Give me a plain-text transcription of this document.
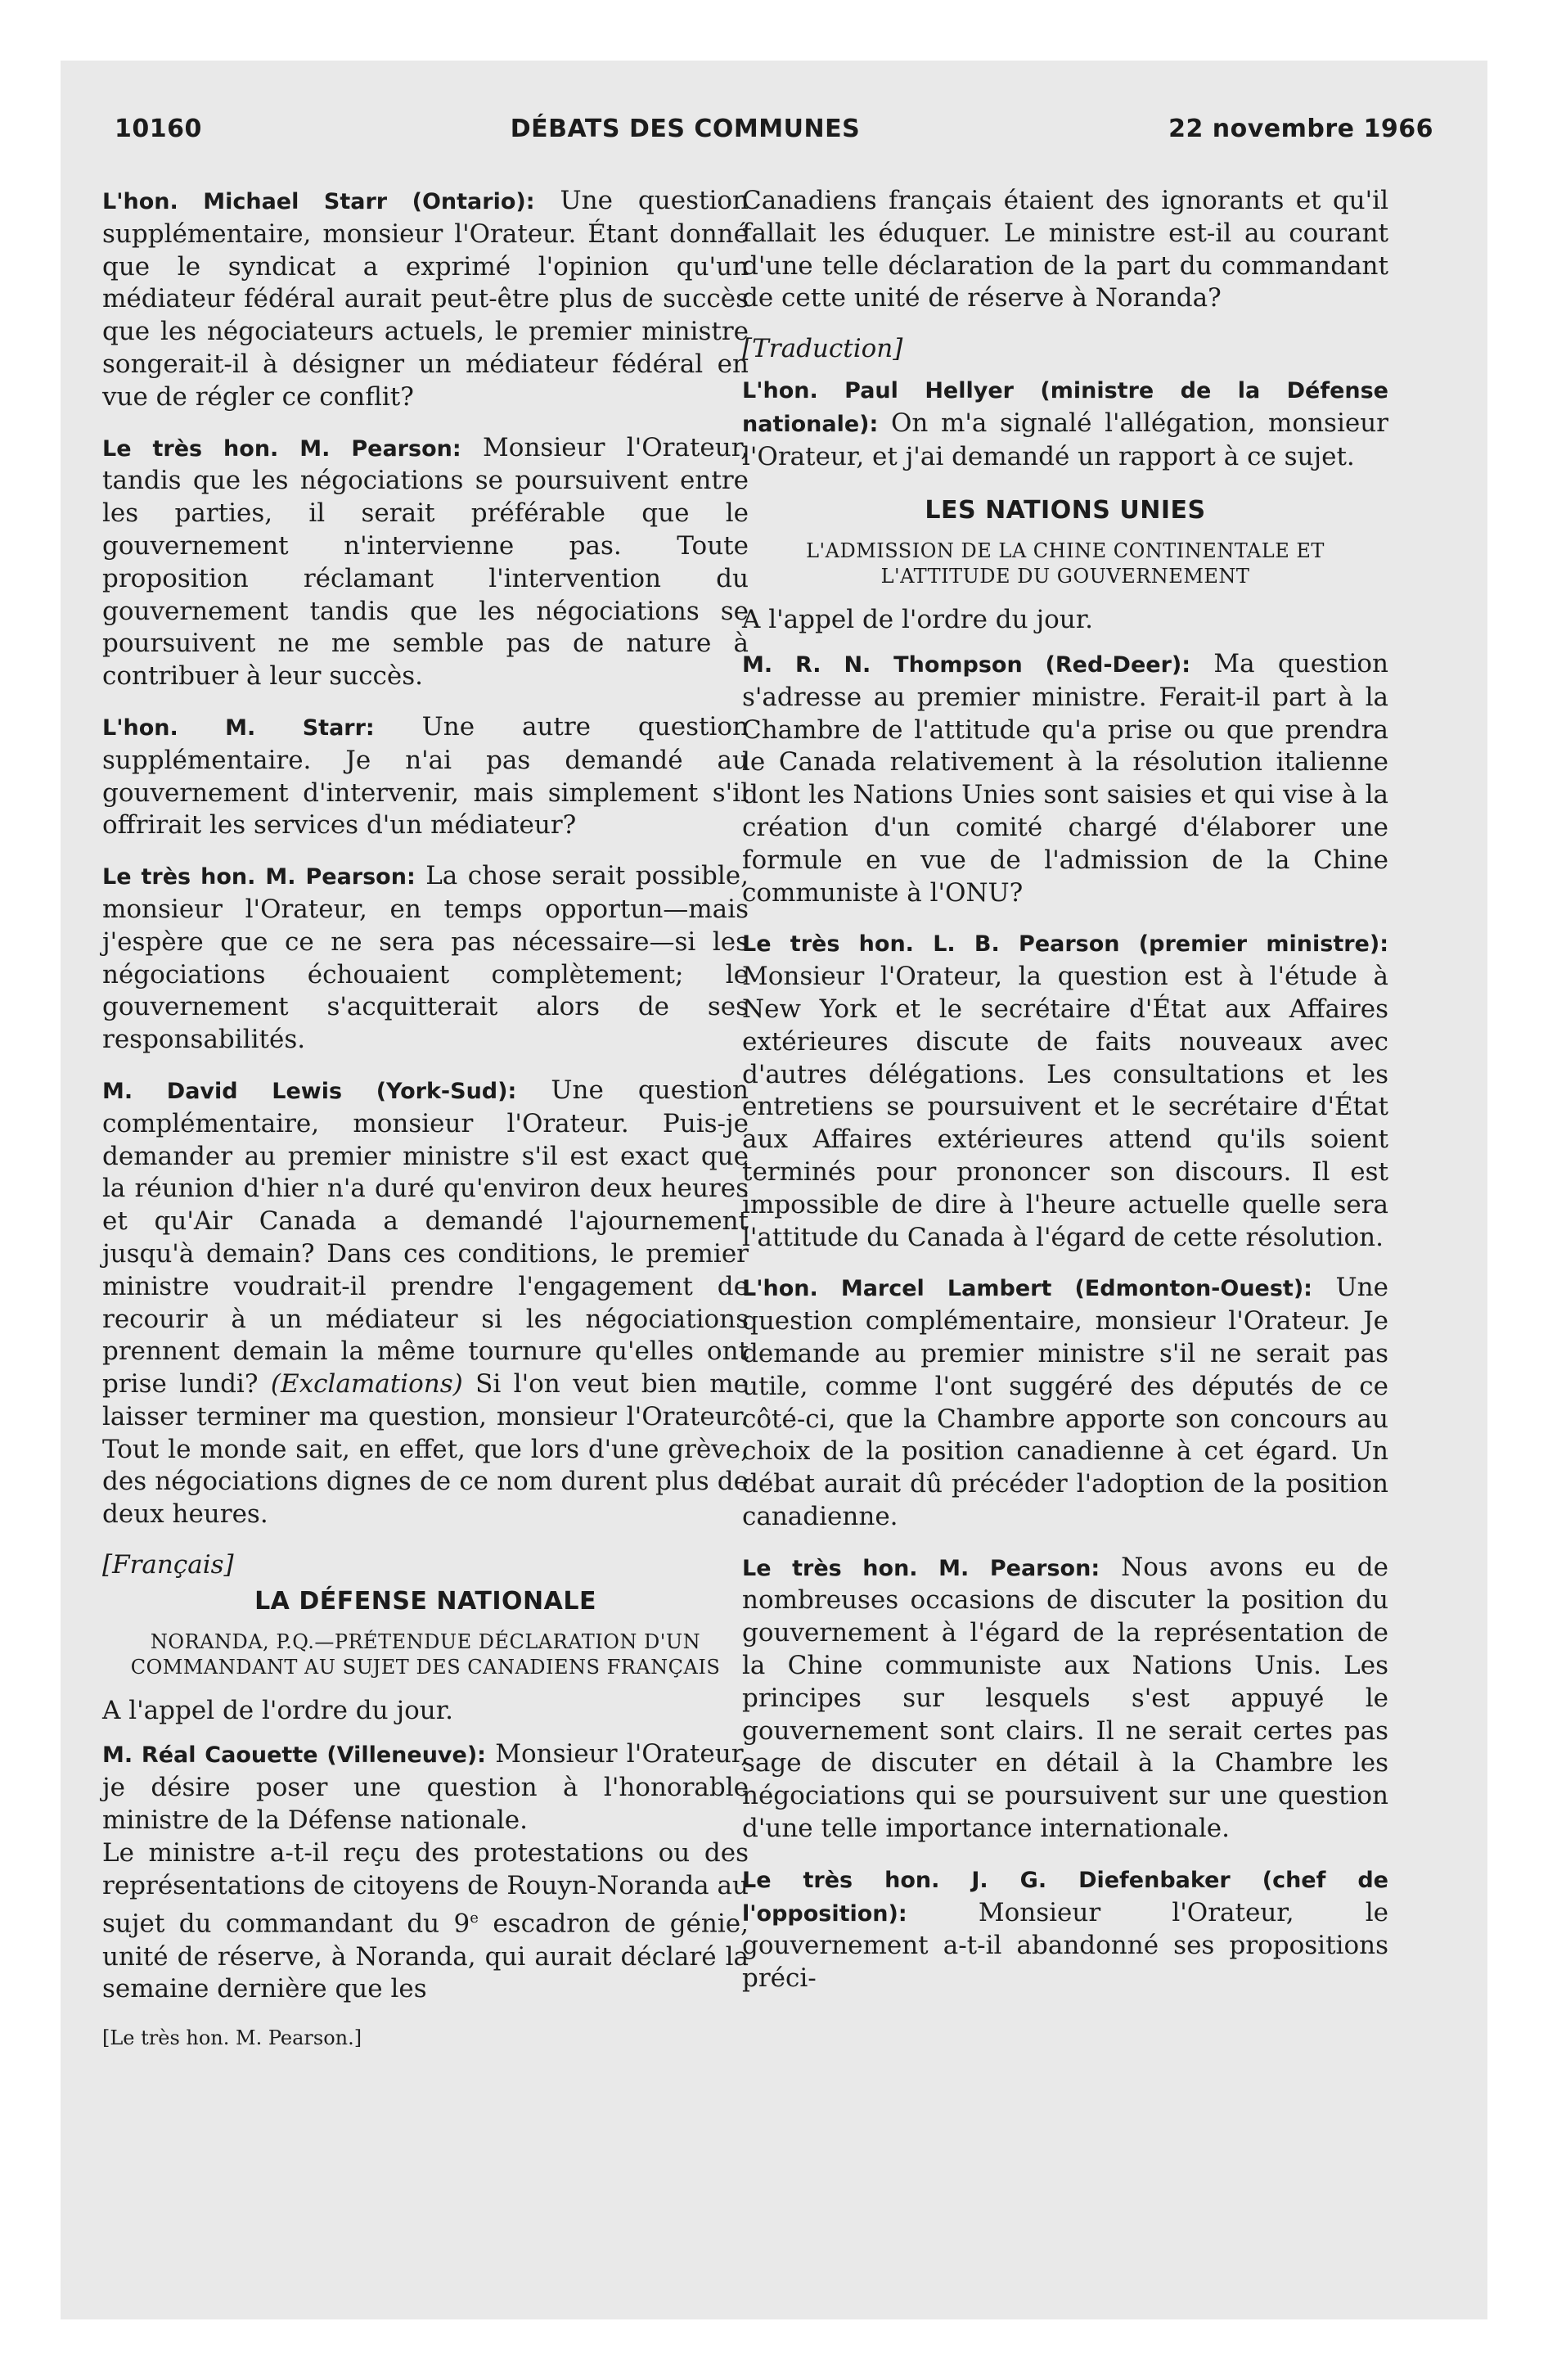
10160	DÉBATS DES COMMUNES	22 novembre 1966

L'hon. Michael Starr (Ontario): Une question supplémentaire, monsieur l'Orateur. Étant donné que le syndicat a exprimé l'opinion qu'un médiateur fédéral aurait peut-être plus de succès que les négociateurs actuels, le premier ministre songerait-il à désigner un médiateur fédéral en vue de régler ce conflit?

Le très hon. M. Pearson: Monsieur l'Orateur, tandis que les négociations se poursuivent entre les parties, il serait préférable que le gouvernement n'intervienne pas. Toute proposition réclamant l'intervention du gouvernement tandis que les négociations se poursuivent ne me semble pas de nature à contribuer à leur succès.

L'hon. M. Starr: Une autre question supplémentaire. Je n'ai pas demandé au gouvernement d'intervenir, mais simplement s'il offrirait les services d'un médiateur?

Le très hon. M. Pearson: La chose serait possible, monsieur l'Orateur, en temps opportun—mais j'espère que ce ne sera pas nécessaire—si les négociations échouaient complètement; le gouvernement s'acquitterait alors de ses responsabilités.

M. David Lewis (York-Sud): Une question complémentaire, monsieur l'Orateur. Puis-je demander au premier ministre s'il est exact que la réunion d'hier n'a duré qu'environ deux heures et qu'Air Canada a demandé l'ajournement jusqu'à demain? Dans ces conditions, le premier ministre voudrait-il prendre l'engagement de recourir à un médiateur si les négociations prennent demain la même tournure qu'elles ont prise lundi? (Exclamations) Si l'on veut bien me laisser terminer ma question, monsieur l'Orateur. Tout le monde sait, en effet, que lors d'une grève, des négociations dignes de ce nom durent plus de deux heures.

[Français]

LA DÉFENSE NATIONALE
NORANDA, P.Q.—PRÉTENDUE DÉCLARATION D'UN COMMANDANT AU SUJET DES CANADIENS FRANÇAIS

A l'appel de l'ordre du jour.

M. Réal Caouette (Villeneuve): Monsieur l'Orateur, je désire poser une question à l'honorable ministre de la Défense nationale.

Le ministre a-t-il reçu des protestations ou des représentations de citoyens de Rouyn-Noranda au sujet du commandant du 9e escadron de génie, unité de réserve, à Noranda, qui aurait déclaré la semaine dernière que les

[Le très hon. M. Pearson.]

Canadiens français étaient des ignorants et qu'il fallait les éduquer. Le ministre est-il au courant d'une telle déclaration de la part du commandant de cette unité de réserve à Noranda?

[Traduction]

L'hon. Paul Hellyer (ministre de la Défense nationale): On m'a signalé l'allégation, monsieur l'Orateur, et j'ai demandé un rapport à ce sujet.

LES NATIONS UNIES
L'ADMISSION DE LA CHINE CONTINENTALE ET L'ATTITUDE DU GOUVERNEMENT

A l'appel de l'ordre du jour.

M. R. N. Thompson (Red-Deer): Ma question s'adresse au premier ministre. Ferait-il part à la Chambre de l'attitude qu'a prise ou que prendra le Canada relativement à la résolution italienne dont les Nations Unies sont saisies et qui vise à la création d'un comité chargé d'élaborer une formule en vue de l'admission de la Chine communiste à l'ONU?

Le très hon. L. B. Pearson (premier ministre): Monsieur l'Orateur, la question est à l'étude à New York et le secrétaire d'État aux Affaires extérieures discute de faits nouveaux avec d'autres délégations. Les consultations et les entretiens se poursuivent et le secrétaire d'État aux Affaires extérieures attend qu'ils soient terminés pour prononcer son discours. Il est impossible de dire à l'heure actuelle quelle sera l'attitude du Canada à l'égard de cette résolution.

L'hon. Marcel Lambert (Edmonton-Ouest): Une question complémentaire, monsieur l'Orateur. Je demande au premier ministre s'il ne serait pas utile, comme l'ont suggéré des députés de ce côté-ci, que la Chambre apporte son concours au choix de la position canadienne à cet égard. Un débat aurait dû précéder l'adoption de la position canadienne.

Le très hon. M. Pearson: Nous avons eu de nombreuses occasions de discuter la position du gouvernement à l'égard de la représentation de la Chine communiste aux Nations Unis. Les principes sur lesquels s'est appuyé le gouvernement sont clairs. Il ne serait certes pas sage de discuter en détail à la Chambre les négociations qui se poursuivent sur une question d'une telle importance internationale.

Le très hon. J. G. Diefenbaker (chef de l'opposition): Monsieur l'Orateur, le gouvernement a-t-il abandonné ses propositions préci-
